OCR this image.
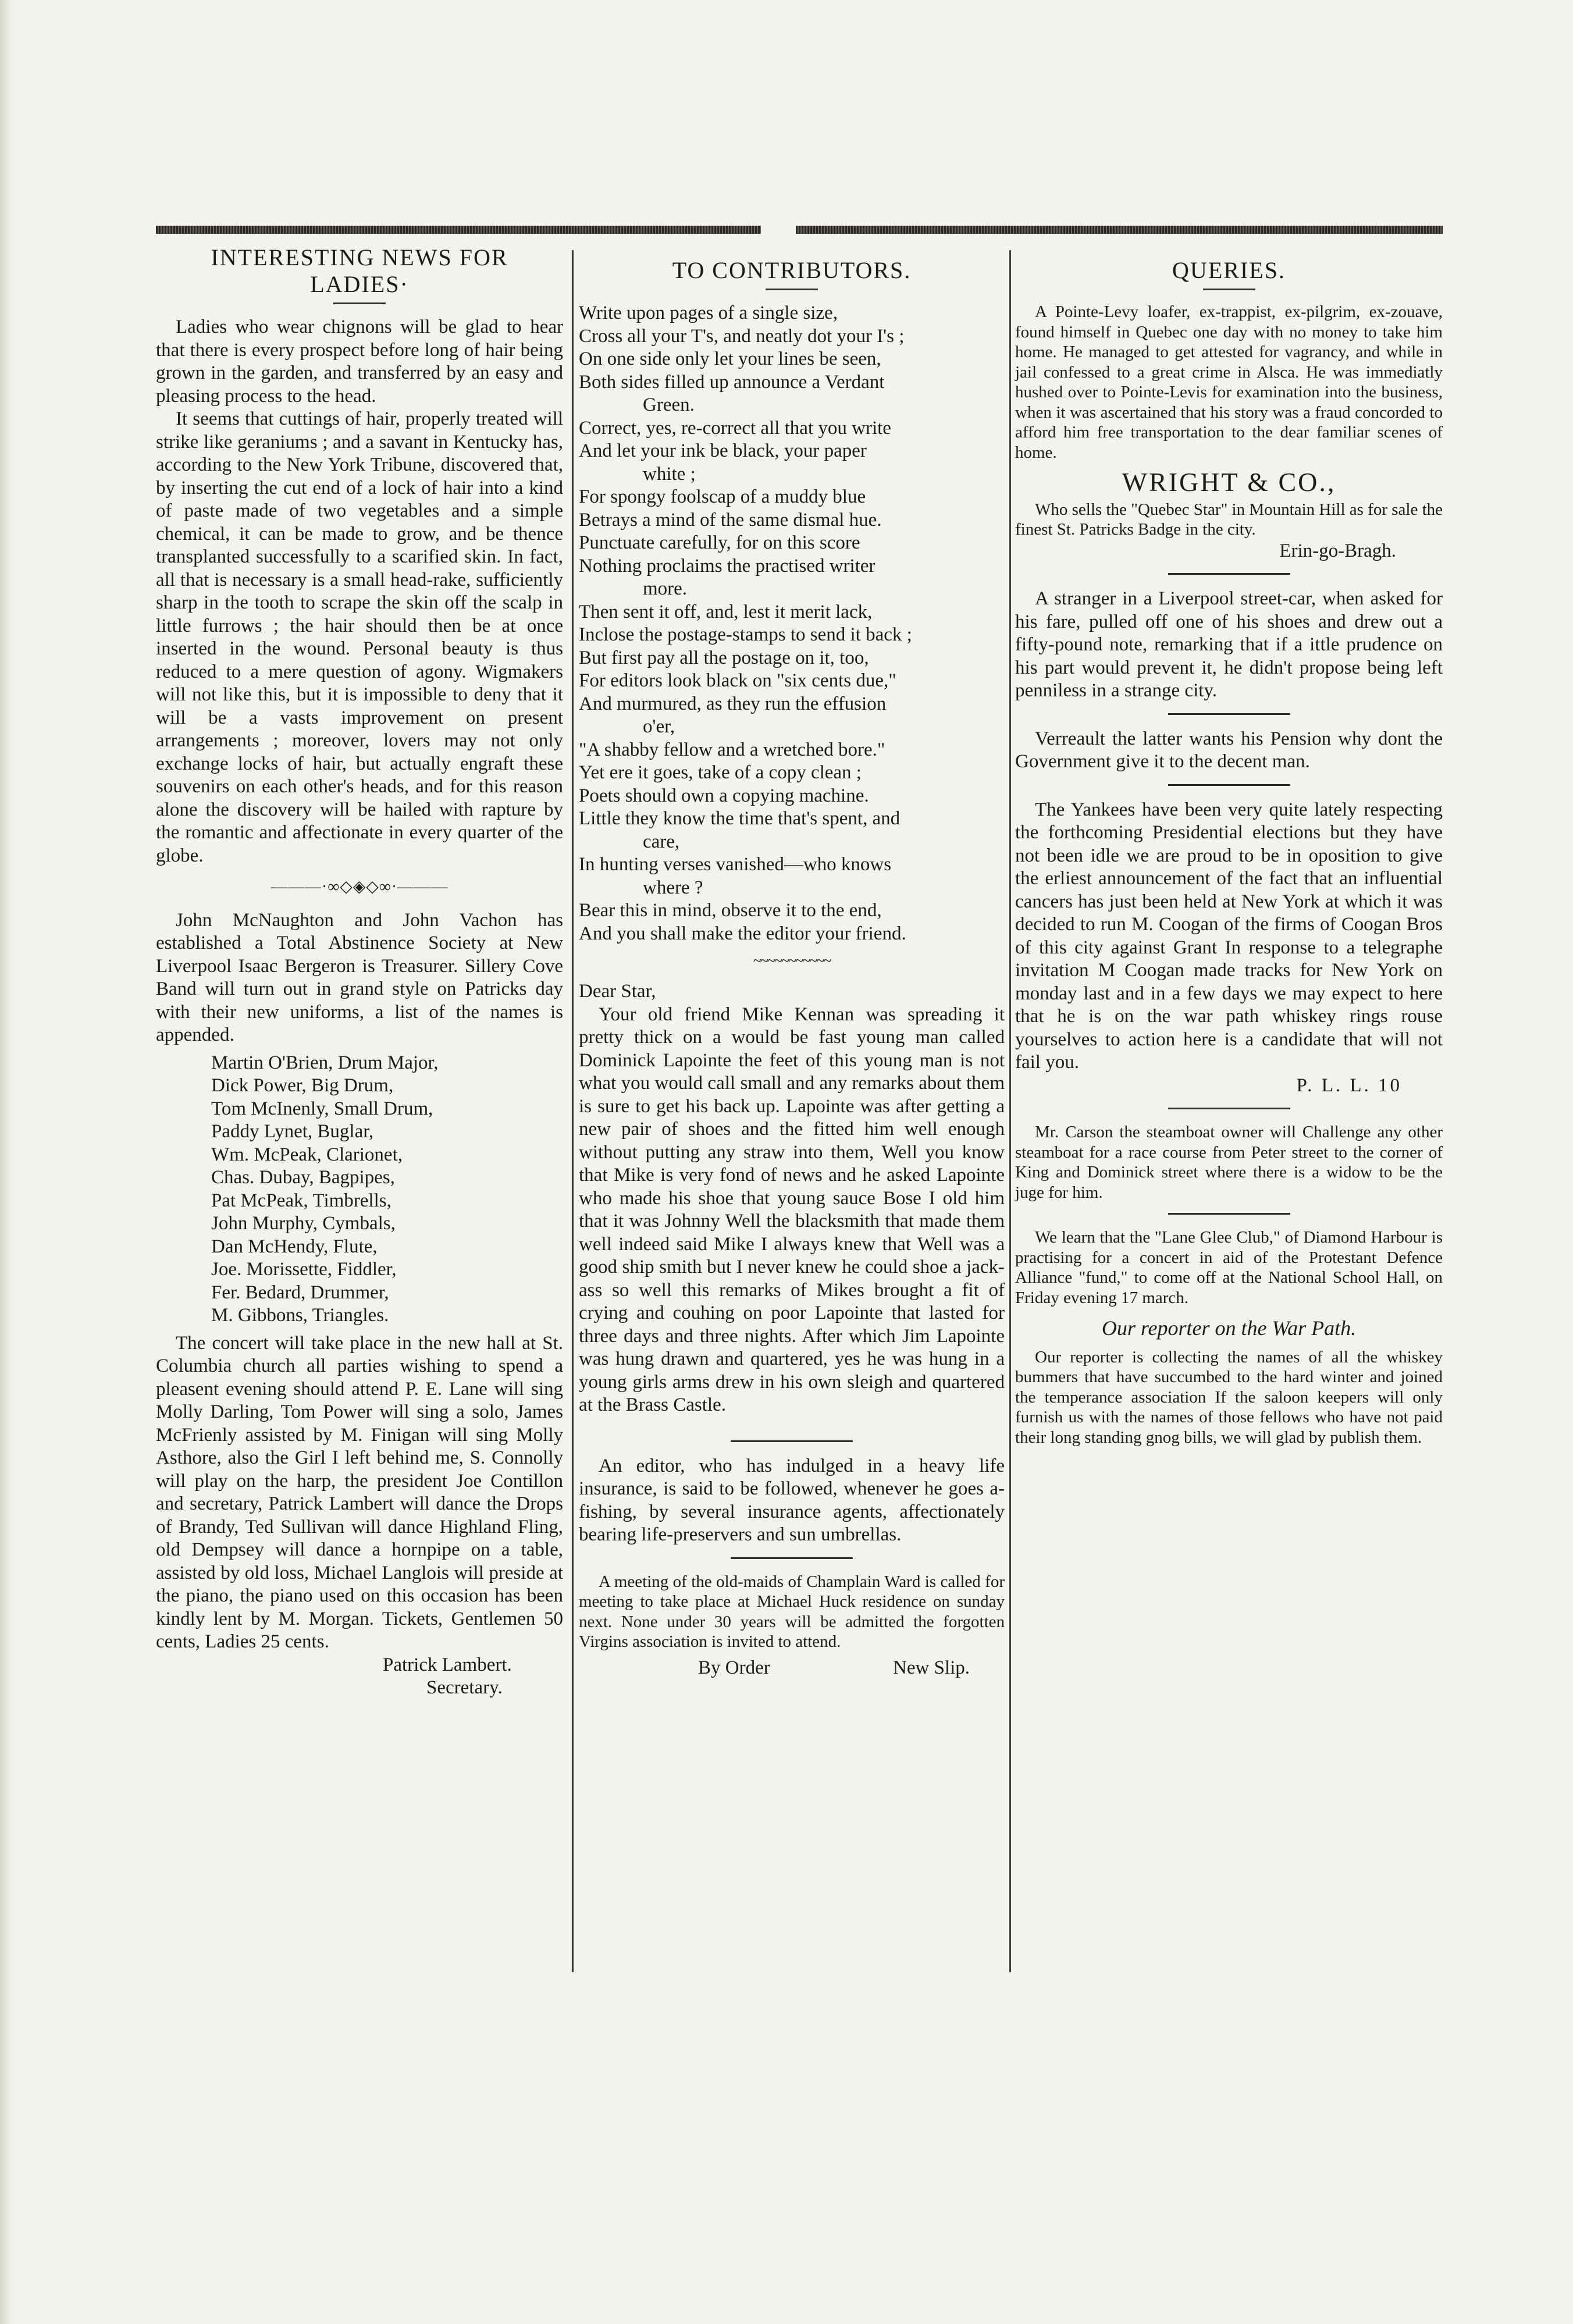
INTERESTING NEWS FOR
LADIES·

Ladies who wear chignons will be glad to hear that there is every prospect before long of hair being grown in the garden, and transferred by an easy and pleasing process to the head.

It seems that cuttings of hair, properly treated will strike like geraniums ; and a savant in Kentucky has, according to the New York Tribune, discovered that, by inserting the cut end of a lock of hair into a kind of paste made of two vegetables and a simple chemical, it can be made to grow, and be thence transplanted successfully to a scarified skin. In fact, all that is necessary is a small head-rake, sufficiently sharp in the tooth to scrape the skin off the scalp in little furrows ; the hair should then be at once inserted in the wound. Personal beauty is thus reduced to a mere question of agony. Wigmakers will not like this, but it is impossible to deny that it will be a vasts improvement on present arrangements ; moreover, lovers may not only exchange locks of hair, but actually engraft these souvenirs on each other's heads, and for this reason alone the discovery will be hailed with rapture by the romantic and affectionate in every quarter of the globe.

———·∞◇◈◇∞·———

John McNaughton and John Vachon has established a Total Abstinence Society at New Liverpool Isaac Bergeron is Treasurer. Sillery Cove Band will turn out in grand style on Patricks day with their new uniforms, a list of the names is appended.

Martin O'Brien, Drum Major,
Dick Power, Big Drum,
Tom McInenly, Small Drum,
Paddy Lynet, Buglar,
Wm. McPeak, Clarionet,
Chas. Dubay, Bagpipes,
Pat McPeak, Timbrells,
John Murphy, Cymbals,
Dan McHendy, Flute,
Joe. Morissette, Fiddler,
Fer. Bedard, Drummer,
M. Gibbons, Triangles.

The concert will take place in the new hall at St. Columbia church all parties wishing to spend a pleasent evening should attend P. E. Lane will sing Molly Darling, Tom Power will sing a solo, James McFrienly assisted by M. Finigan will sing Molly Asthore, also the Girl I left behind me, S. Connolly will play on the harp, the president Joe Contillon and secretary, Patrick Lambert will dance the Drops of Brandy, Ted Sullivan will dance Highland Fling, old Dempsey will dance a hornpipe on a table, assisted by old loss, Michael Langlois will preside at the piano, the piano used on this occasion has been kindly lent by M. Morgan. Tickets, Gentlemen 50 cents, Ladies 25 cents.

Patrick Lambert.
Secretary.
TO CONTRIBUTORS.
Write upon pages of a single size,
Cross all your T's, and neatly dot your I's ;
On one side only let your lines be seen,
Both sides filled up announce a Verdant
Green.
Correct, yes, re-correct all that you write
And let your ink be black, your paper
white ;
For spongy foolscap of a muddy blue
Betrays a mind of the same dismal hue.
Punctuate carefully, for on this score
Nothing proclaims the practised writer
more.
Then sent it off, and, lest it merit lack,
Inclose the postage-stamps to send it back ;
But first pay all the postage on it, too,
For editors look black on "six cents due,"
And murmured, as they run the effusion
o'er,
"A shabby fellow and a wretched bore."
Yet ere it goes, take of a copy clean ;
Poets should own a copying machine.
Little they know the time that's spent, and
care,
In hunting verses vanished—who knows
where ?
Bear this in mind, observe it to the end,
And you shall make the editor your friend.
~~~~~~~~~~~
Dear Star,

Your old friend Mike Kennan was spreading it pretty thick on a would be fast young man called Dominick Lapointe the feet of this young man is not what you would call small and any remarks about them is sure to get his back up. Lapointe was after getting a new pair of shoes and the fitted him well enough without putting any straw into them, Well you know that Mike is very fond of news and he asked Lapointe who made his shoe that young sauce Bose I old him that it was Johnny Well the blacksmith that made them well indeed said Mike I always knew that Well was a good ship smith but I never knew he could shoe a jack-ass so well this remarks of Mikes brought a fit of crying and couhing on poor Lapointe that lasted for three days and three nights. After which Jim Lapointe was hung drawn and quartered, yes he was hung in a young girls arms drew in his own sleigh and quartered at the Brass Castle.

An editor, who has indulged in a heavy life insurance, is said to be followed, whenever he goes a-fishing, by several insurance agents, affectionately bearing life-preservers and sun umbrellas.

A meeting of the old-maids of Champlain Ward is called for meeting to take place at Michael Huck residence on sunday next. None under 30 years will be admitted the forgotten Virgins association is invited to attend.

By Order	New Slip.
QUERIES.

A Pointe-Levy loafer, ex-trappist, ex-pilgrim, ex-zouave, found himself in Quebec one day with no money to take him home. He managed to get attested for vagrancy, and while in jail confessed to a great crime in Alsca. He was immediatly hushed over to Pointe-Levis for examination into the business, when it was ascertained that his story was a fraud concorded to afford him free transportation to the dear familiar scenes of home.

WRIGHT & CO.,

Who sells the "Quebec Star" in Mountain Hill as for sale the finest St. Patricks Badge in the city.

Erin-go-Bragh.

A stranger in a Liverpool street-car, when asked for his fare, pulled off one of his shoes and drew out a fifty-pound note, remarking that if a ittle prudence on his part would prevent it, he didn't propose being left penniless in a strange city.

Verreault the latter wants his Pension why dont the Government give it to the decent man.

The Yankees have been very quite lately respecting the forthcoming Presidential elections but they have not been idle we are proud to be in oposition to give the erliest announcement of the fact that an influential cancers has just been held at New York at which it was decided to run M. Coogan of the firms of Coogan Bros of this city against Grant In response to a telegraphe invitation M Coogan made tracks for New York on monday last and in a few days we may expect to here that he is on the war path whiskey rings rouse yourselves to action here is a candidate that will not fail you.

P. L. L. 10

Mr. Carson the steamboat owner will Challenge any other steamboat for a race course from Peter street to the corner of King and Dominick street where there is a widow to be the juge for him.

We learn that the "Lane Glee Club," of Diamond Harbour is practising for a concert in aid of the Protestant Defence Alliance "fund," to come off at the National School Hall, on Friday evening 17 march.

Our reporter on the War Path.

Our reporter is collecting the names of all the whiskey bummers that have succumbed to the hard winter and joined the temperance association If the saloon keepers will only furnish us with the names of those fellows who have not paid their long standing gnog bills, we will glad by publish them.
